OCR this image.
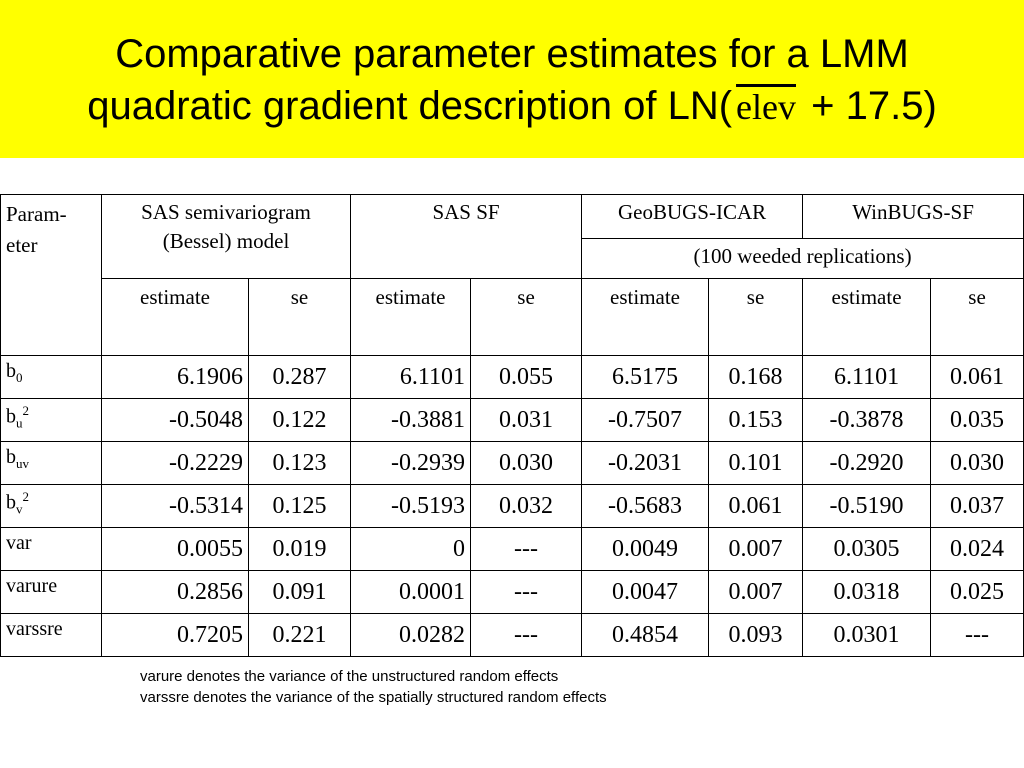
Comparative parameter estimates for a LMM
quadratic gradient description of LN( elev + 17.5)
Param-eter	SAS semivariogram (Bessel) model		SAS SF		GeoBUGS-ICAR		WinBUGS-SF	
					(100 weeded replications)			
	estimate	se	estimate	se	estimate	se	estimate	se
$b_0$	6.1906	0.287	6.1101	0.055	6.5175	0.168	6.1101	0.061
$b_u^2$	-0.5048	0.122	-0.3881	0.031	-0.7507	0.153	-0.3878	0.035
$b_{uv}$	-0.2229	0.123	-0.2939	0.030	-0.2031	0.101	-0.2920	0.030
$b_v^2$	-0.5314	0.125	-0.5193	0.032	-0.5683	0.061	-0.5190	0.037
var	0.0055	0.019	0	---	0.0049	0.007	0.0305	0.024
varure	0.2856	0.091	0.0001	---	0.0047	0.007	0.0318	0.025
varssre	0.7205	0.221	0.0282	---	0.4854	0.093	0.0301	---
varure denotes the variance of the unstructured random effects
varssre denotes the variance of the spatially structured random effects
